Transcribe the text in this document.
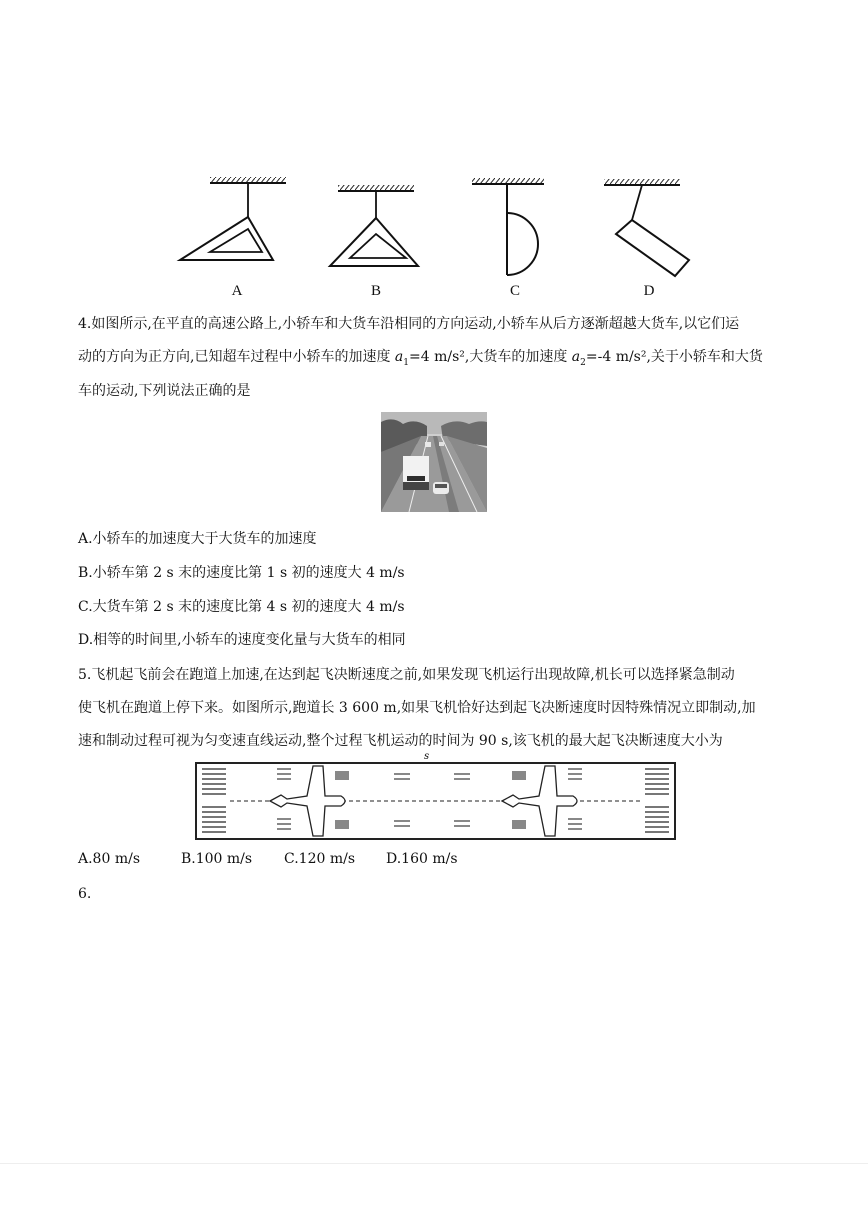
A	B	C	D
4.如图所示,在平直的高速公路上,小轿车和大货车沿相同的方向运动,小轿车从后方逐渐超越大货车,以它们运
动的方向为正方向,已知超车过程中小轿车的加速度 $a_1=4$ m/s²,大货车的加速度 $a_2=-4$ m/s²,关于小轿车和大货
车的运动,下列说法正确的是
A.小轿车的加速度大于大货车的加速度
B.小轿车第 2 s 末的速度比第 1 s 初的速度大 4 m/s
C.大货车第 2 s 末的速度比第 4 s 初的速度大 4 m/s
D.相等的时间里,小轿车的速度变化量与大货车的相同
5.飞机起飞前会在跑道上加速,在达到起飞决断速度之前,如果发现飞机运行出现故障,机长可以选择紧急制动
使飞机在跑道上停下来。如图所示,跑道长 3 600 m,如果飞机恰好达到起飞决断速度时因特殊情况立即制动,加
速和制动过程可视为匀变速直线运动,整个过程飞机运动的时间为 90 s,该飞机的最大起飞决断速度大小为
s
A.80 m/s	B.100 m/s C.120 m/s D.160 m/s
6.
